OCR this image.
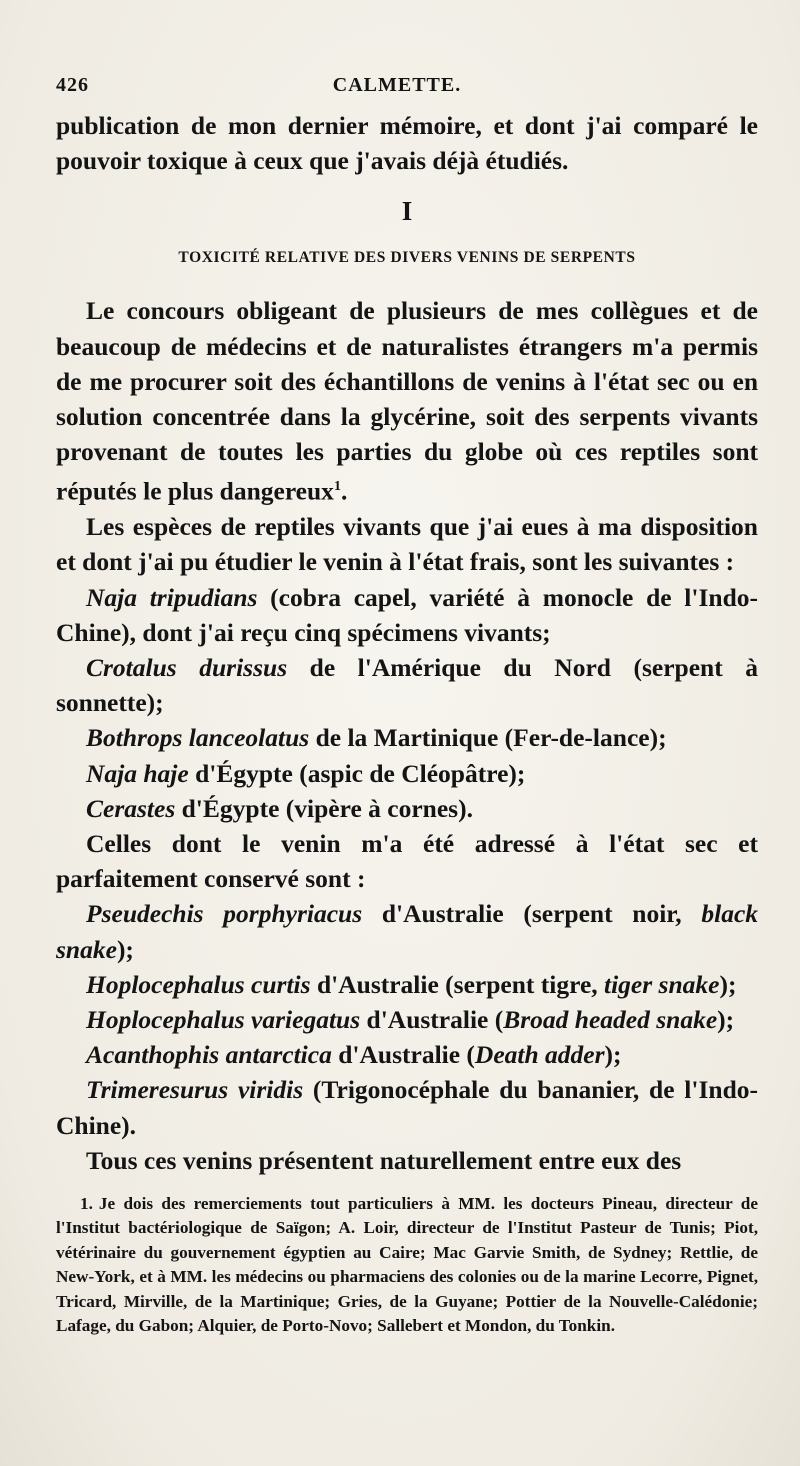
426	CALMETTE.

publication de mon dernier mémoire, et dont j'ai comparé le pouvoir toxique à ceux que j'avais déjà étudiés.

I
TOXICITÉ RELATIVE DES DIVERS VENINS DE SERPENTS

Le concours obligeant de plusieurs de mes collègues et de beaucoup de médecins et de naturalistes étrangers m'a permis de me procurer soit des échantillons de venins à l'état sec ou en solution concentrée dans la glycérine, soit des serpents vivants provenant de toutes les parties du globe où ces reptiles sont réputés le plus dangereux$^1$.

Les espèces de reptiles vivants que j'ai eues à ma disposition et dont j'ai pu étudier le venin à l'état frais, sont les suivantes :

Naja tripudians (cobra capel, variété à monocle de l'Indo-Chine), dont j'ai reçu cinq spécimens vivants;

Crotalus durissus de l'Amérique du Nord (serpent à sonnette);

Bothrops lanceolatus de la Martinique (Fer-de-lance);

Naja haje d'Égypte (aspic de Cléopâtre);

Cerastes d'Égypte (vipère à cornes).

Celles dont le venin m'a été adressé à l'état sec et parfaitement conservé sont :

Pseudechis porphyriacus d'Australie (serpent noir, black snake);

Hoplocephalus curtis d'Australie (serpent tigre, tiger snake);

Hoplocephalus variegatus d'Australie (Broad headed snake);

Acanthophis antarctica d'Australie (Death adder);

Trimeresurus viridis (Trigonocéphale du bananier, de l'Indo-Chine).

Tous ces venins présentent naturellement entre eux des

1. Je dois des remerciements tout particuliers à MM. les docteurs Pineau, directeur de l'Institut bactériologique de Saïgon; A. Loir, directeur de l'Institut Pasteur de Tunis; Piot, vétérinaire du gouvernement égyptien au Caire; Mac Garvie Smith, de Sydney; Rettlie, de New-York, et à MM. les médecins ou pharmaciens des colonies ou de la marine Lecorre, Pignet, Tricard, Mirville, de la Martinique; Gries, de la Guyane; Pottier de la Nouvelle-Calédonie; Lafage, du Gabon; Alquier, de Porto-Novo; Sallebert et Mondon, du Tonkin.
